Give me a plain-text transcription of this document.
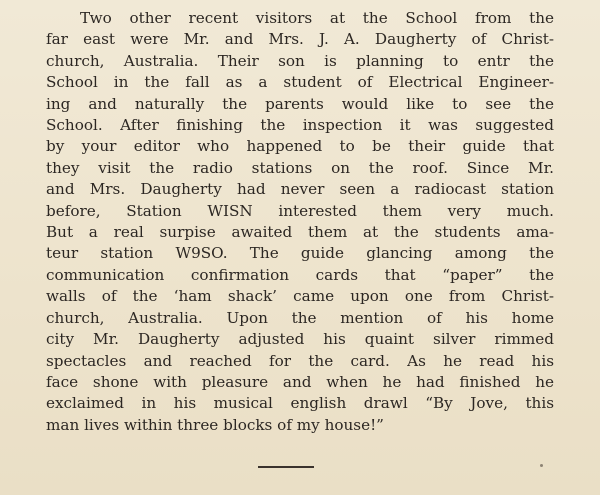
Two other recent visitors at the School from the
far east were Mr. and Mrs. J. A. Daugherty of Christ-
church, Australia. Their son is planning to entr the
School in the fall as a student of Electrical Engineer-
ing and naturally the parents would like to see the
School. After finishing the inspection it was suggested
by your editor who happened to be their guide that
they visit the radio stations on the roof. Since Mr.
and Mrs. Daugherty had never seen a radiocast station
before, Station WISN interested them very much.
But a real surpise awaited them at the students ama-
teur station W9SO. The guide glancing among the
communication confirmation cards that “paper” the
walls of the ‘ham shack’ came upon one from Christ-
church, Australia. Upon the mention of his home
city Mr. Daugherty adjusted his quaint silver rimmed
spectacles and reached for the card. As he read his
face shone with pleasure and when he had finished he
exclaimed in his musical english drawl “By Jove, this
man lives within three blocks of my house!”
